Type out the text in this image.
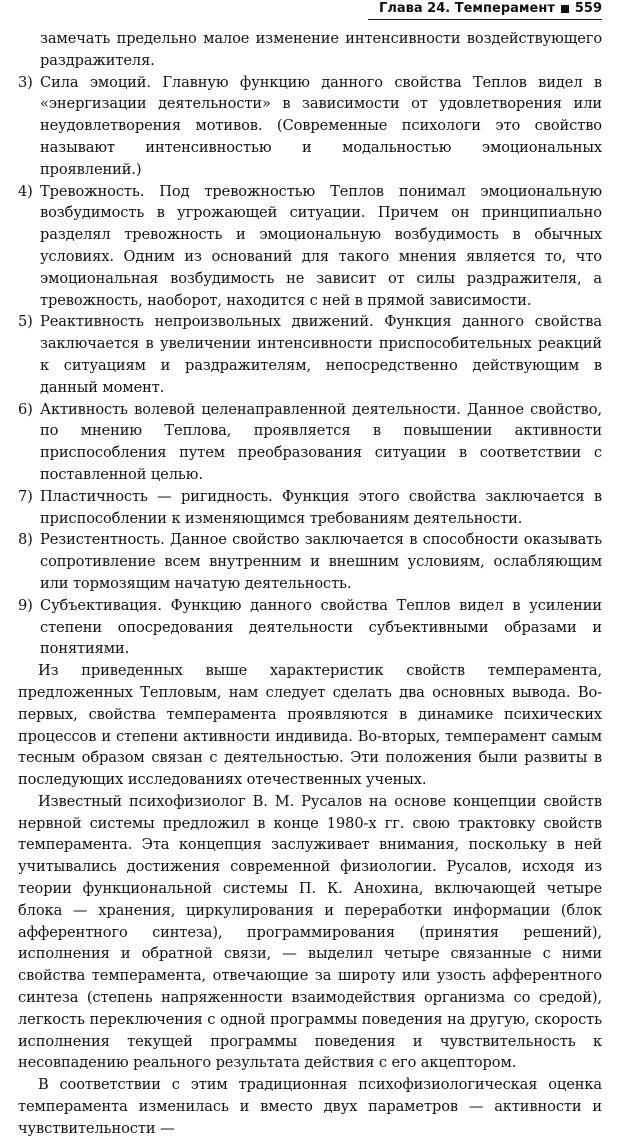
Глава 24. Темперамент 559

замечать предельно малое изменение интенсивности воздействующего раздражителя.

3) Сила эмоций. Главную функцию данного свойства Теплов видел в «энергизации деятельности» в зависимости от удовлетворения или неудовлетворения мотивов. (Современные психологи это свойство называют интенсивностью и модальностью эмоциональных проявлений.)
4) Тревожность. Под тревожностью Теплов понимал эмоциональную возбудимость в угрожающей ситуации. Причем он принципиально разделял тревожность и эмоциональную возбудимость в обычных условиях. Одним из оснований для такого мнения является то, что эмоциональная возбудимость не зависит от силы раздражителя, а тревожность, наоборот, находится с ней в прямой зависимости.
5) Реактивность непроизвольных движений. Функция данного свойства заключается в увеличении интенсивности приспособительных реакций к ситуациям и раздражителям, непосредственно действующим в данный момент.
6) Активность волевой целенаправленной деятельности. Данное свойство, по мнению Теплова, проявляется в повышении активности приспособления путем преобразования ситуации в соответствии с поставленной целью.
7) Пластичность — ригидность. Функция этого свойства заключается в приспособлении к изменяющимся требованиям деятельности.
8) Резистентность. Данное свойство заключается в способности оказывать сопротивление всем внутренним и внешним условиям, ослабляющим или тормозящим начатую деятельность.
9) Субъективация. Функцию данного свойства Теплов видел в усилении степени опосредования деятельности субъективными образами и понятиями.

Из приведенных выше характеристик свойств темперамента, предложенных Тепловым, нам следует сделать два основных вывода. Во-первых, свойства темперамента проявляются в динамике психических процессов и степени активности индивида. Во-вторых, темперамент самым тесным образом связан с деятельностью. Эти положения были развиты в последующих исследованиях отечественных ученых.

Известный психофизиолог В. М. Русалов на основе концепции свойств нервной системы предложил в конце 1980-х гг. свою трактовку свойств темперамента. Эта концепция заслуживает внимания, поскольку в ней учитывались достижения современной физиологии. Русалов, исходя из теории функциональной системы П. К. Анохина, включающей четыре блока — хранения, циркулирования и переработки информации (блок афферентного синтеза), программирования (принятия решений), исполнения и обратной связи, — выделил четыре связанные с ними свойства темперамента, отвечающие за широту или узость афферентного синтеза (степень напряженности взаимодействия организма со средой), легкость переключения с одной программы поведения на другую, скорость исполнения текущей программы поведения и чувствительность к несовпадению реального результата действия с его акцептором.

В соответствии с этим традиционная психофизиологическая оценка темперамента изменилась и вместо двух параметров — активности и чувствительности —
